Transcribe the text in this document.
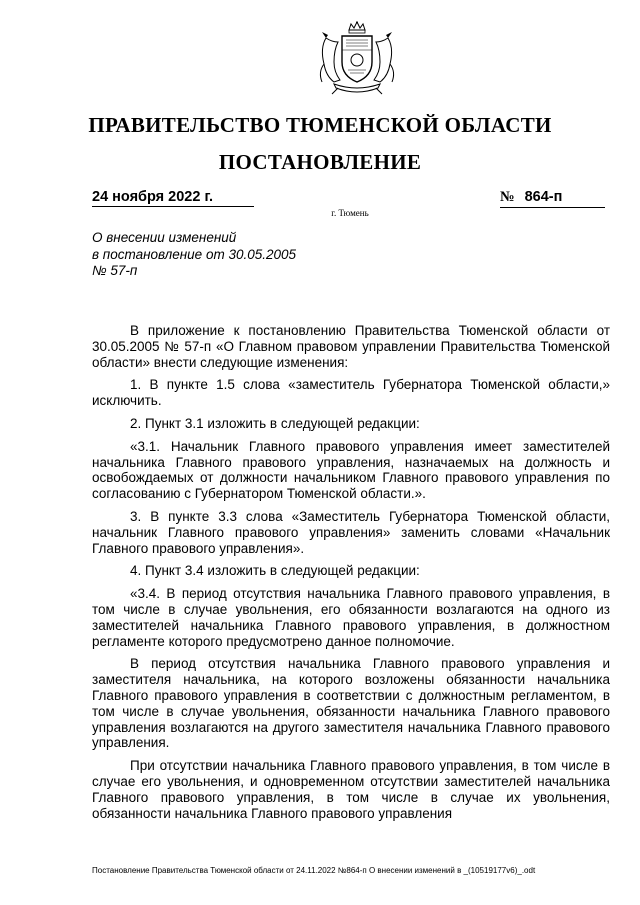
ПРАВИТЕЛЬСТВО ТЮМЕНСКОЙ ОБЛАСТИ
ПОСТАНОВЛЕНИЕ
24 ноября 2022 г.	№ 864-п
г. Тюмень
О внесении изменений
в постановление от 30.05.2005
№ 57-п

В приложение к постановлению Правительства Тюменской области от 30.05.2005 № 57-п «О Главном правовом управлении Правительства Тюменской области» внести следующие изменения:

1. В пункте 1.5 слова «заместитель Губернатора Тюменской области,» исключить.

2. Пункт 3.1 изложить в следующей редакции:

«3.1. Начальник Главного правового управления имеет заместителей начальника Главного правового управления, назначаемых на должность и освобождаемых от должности начальником Главного правового управления по согласованию с Губернатором Тюменской области.».

3. В пункте 3.3 слова «Заместитель Губернатора Тюменской области, начальник Главного правового управления» заменить словами «Начальник Главного правового управления».

4. Пункт 3.4 изложить в следующей редакции:

«3.4. В период отсутствия начальника Главного правового управления, в том числе в случае увольнения, его обязанности возлагаются на одного из заместителей начальника Главного правового управления, в должностном регламенте которого предусмотрено данное полномочие.

В период отсутствия начальника Главного правового управления и заместителя начальника, на которого возложены обязанности начальника Главного правового управления в соответствии с должностным регламентом, в том числе в случае увольнения, обязанности начальника Главного правового управления возлагаются на другого заместителя начальника Главного правового управления.

При отсутствии начальника Главного правового управления, в том числе в случае его увольнения, и одновременном отсутствии заместителей начальника Главного правового управления, в том числе в случае их увольнения, обязанности начальника Главного правового управления

Постановление Правительства Тюменской области от 24.11.2022 №864-п О внесении изменений в _(10519177v6)_.odt
